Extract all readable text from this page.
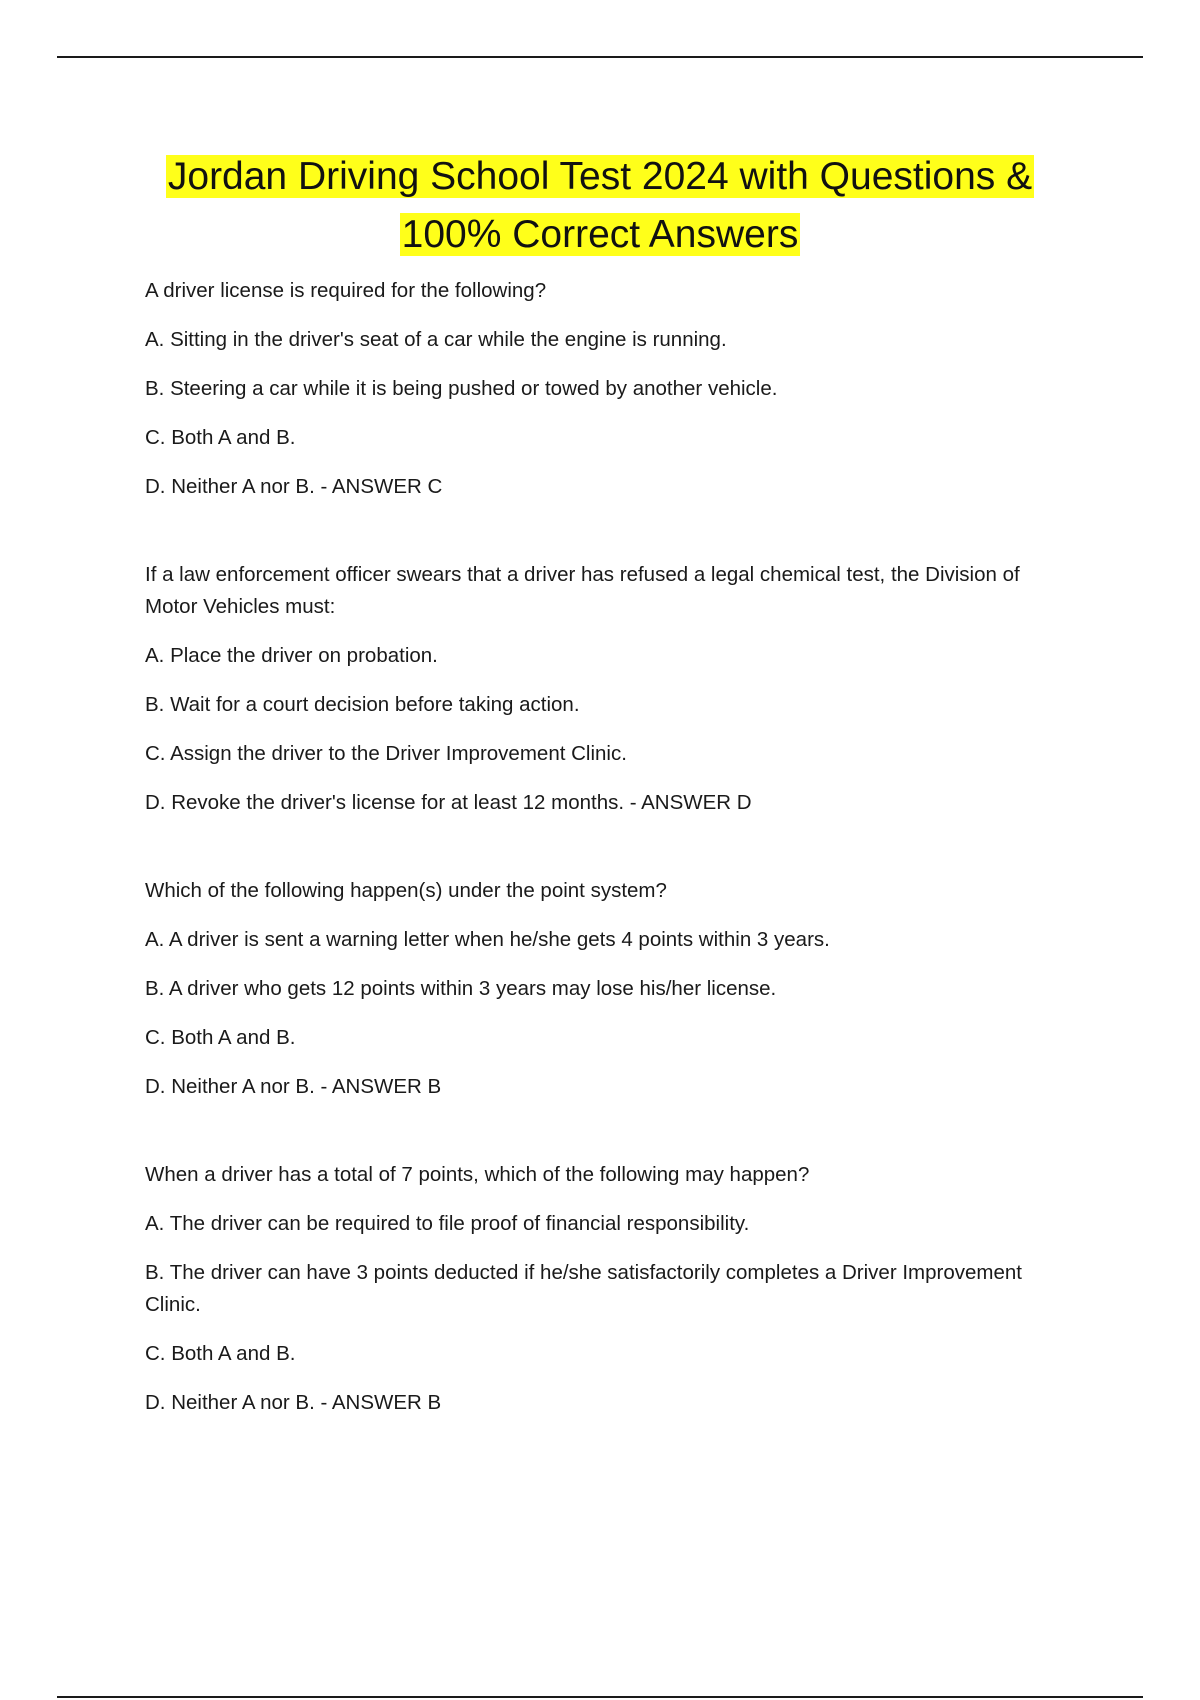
Jordan Driving School Test 2024 with Questions &
100% Correct Answers

A driver license is required for the following?

A. Sitting in the driver's seat of a car while the engine is running.

B. Steering a car while it is being pushed or towed by another vehicle.

C. Both A and B.

D. Neither A nor B. - ANSWER C

If a law enforcement officer swears that a driver has refused a legal chemical test, the Division of Motor Vehicles must:

A. Place the driver on probation.

B. Wait for a court decision before taking action.

C. Assign the driver to the Driver Improvement Clinic.

D. Revoke the driver's license for at least 12 months. - ANSWER D

Which of the following happen(s) under the point system?

A. A driver is sent a warning letter when he/she gets 4 points within 3 years.

B. A driver who gets 12 points within 3 years may lose his/her license.

C. Both A and B.

D. Neither A nor B. - ANSWER B

When a driver has a total of 7 points, which of the following may happen?

A. The driver can be required to file proof of financial responsibility.

B. The driver can have 3 points deducted if he/she satisfactorily completes a Driver Improvement Clinic.

C. Both A and B.

D. Neither A nor B. - ANSWER B
